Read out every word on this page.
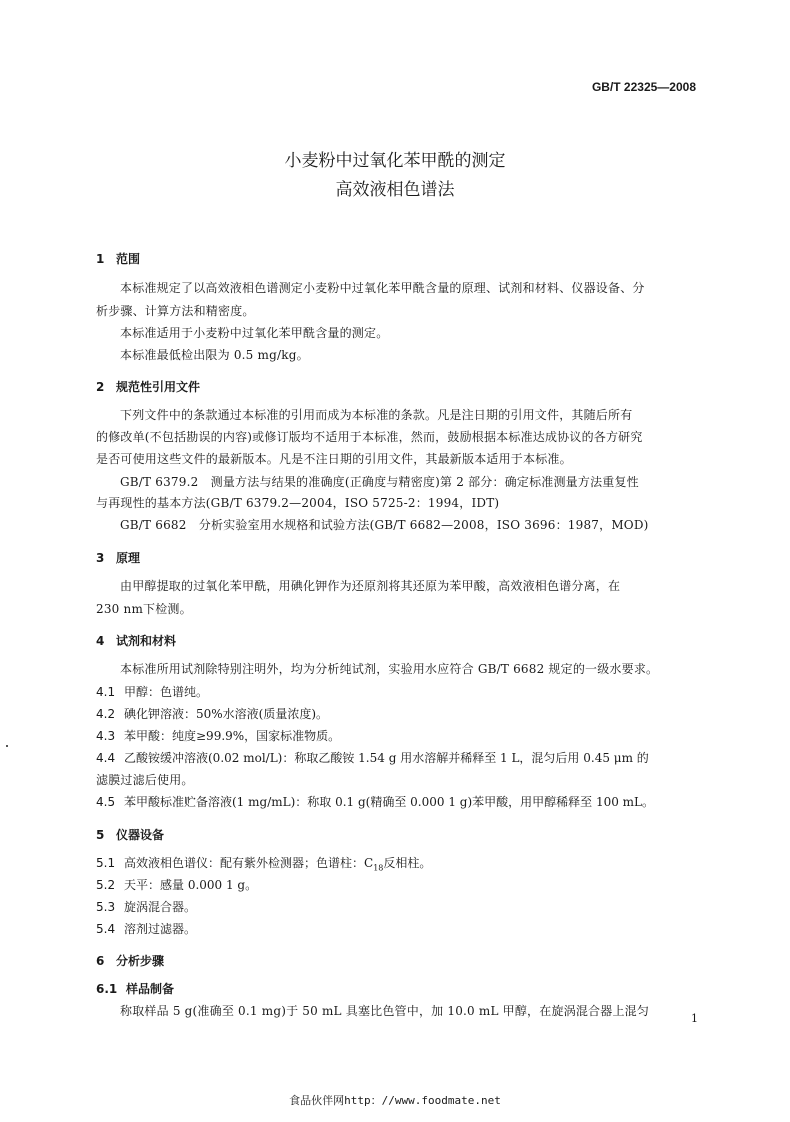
GB/T 22325—2008
小麦粉中过氧化苯甲酰的测定
高效液相色谱法
1 范围
本标准规定了以高效液相色谱测定小麦粉中过氧化苯甲酰含量的原理、试剂和材料、仪器设备、分
析步骤、计算方法和精密度。
本标准适用于小麦粉中过氧化苯甲酰含量的测定。
本标准最低检出限为 0.5 mg/kg。
2 规范性引用文件
下列文件中的条款通过本标准的引用而成为本标准的条款。凡是注日期的引用文件，其随后所有
的修改单(不包括勘误的内容)或修订版均不适用于本标准，然而，鼓励根据本标准达成协议的各方研究
是否可使用这些文件的最新版本。凡是不注日期的引用文件，其最新版本适用于本标准。
GB/T 6379.2　测量方法与结果的准确度(正确度与精密度)第 2 部分：确定标准测量方法重复性
与再现性的基本方法(GB/T 6379.2—2004，ISO 5725-2：1994，IDT)
GB/T 6682　分析实验室用水规格和试验方法(GB/T 6682—2008，ISO 3696：1987，MOD)
3 原理
由甲醇提取的过氧化苯甲酰，用碘化钾作为还原剂将其还原为苯甲酸，高效液相色谱分离，在
230 nm下检测。
4 试剂和材料
本标准所用试剂除特别注明外，均为分析纯试剂，实验用水应符合 GB/T 6682 规定的一级水要求。
4.1 甲醇：色谱纯。
4.2 碘化钾溶液：50%水溶液(质量浓度)。
4.3 苯甲酸：纯度≥99.9%，国家标准物质。
4.4 乙酸铵缓冲溶液(0.02 mol/L)：称取乙酸铵 1.54 g 用水溶解并稀释至 1 L，混匀后用 0.45 μm 的
滤膜过滤后使用。
4.5 苯甲酸标准贮备溶液(1 mg/mL)：称取 0.1 g(精确至 0.000 1 g)苯甲酸，用甲醇稀释至 100 mL。
5 仪器设备
5.1 高效液相色谱仪：配有紫外检测器；色谱柱：$C_{18}$反相柱。
5.2 天平：感量 0.000 1 g。
5.3 旋涡混合器。
5.4 溶剂过滤器。
6 分析步骤
6.1 样品制备
称取样品 5 g(准确至 0.1 mg)于 50 mL 具塞比色管中，加 10.0 mL 甲醇，在旋涡混合器上混匀
1
食品伙伴网http：//www.foodmate.net
